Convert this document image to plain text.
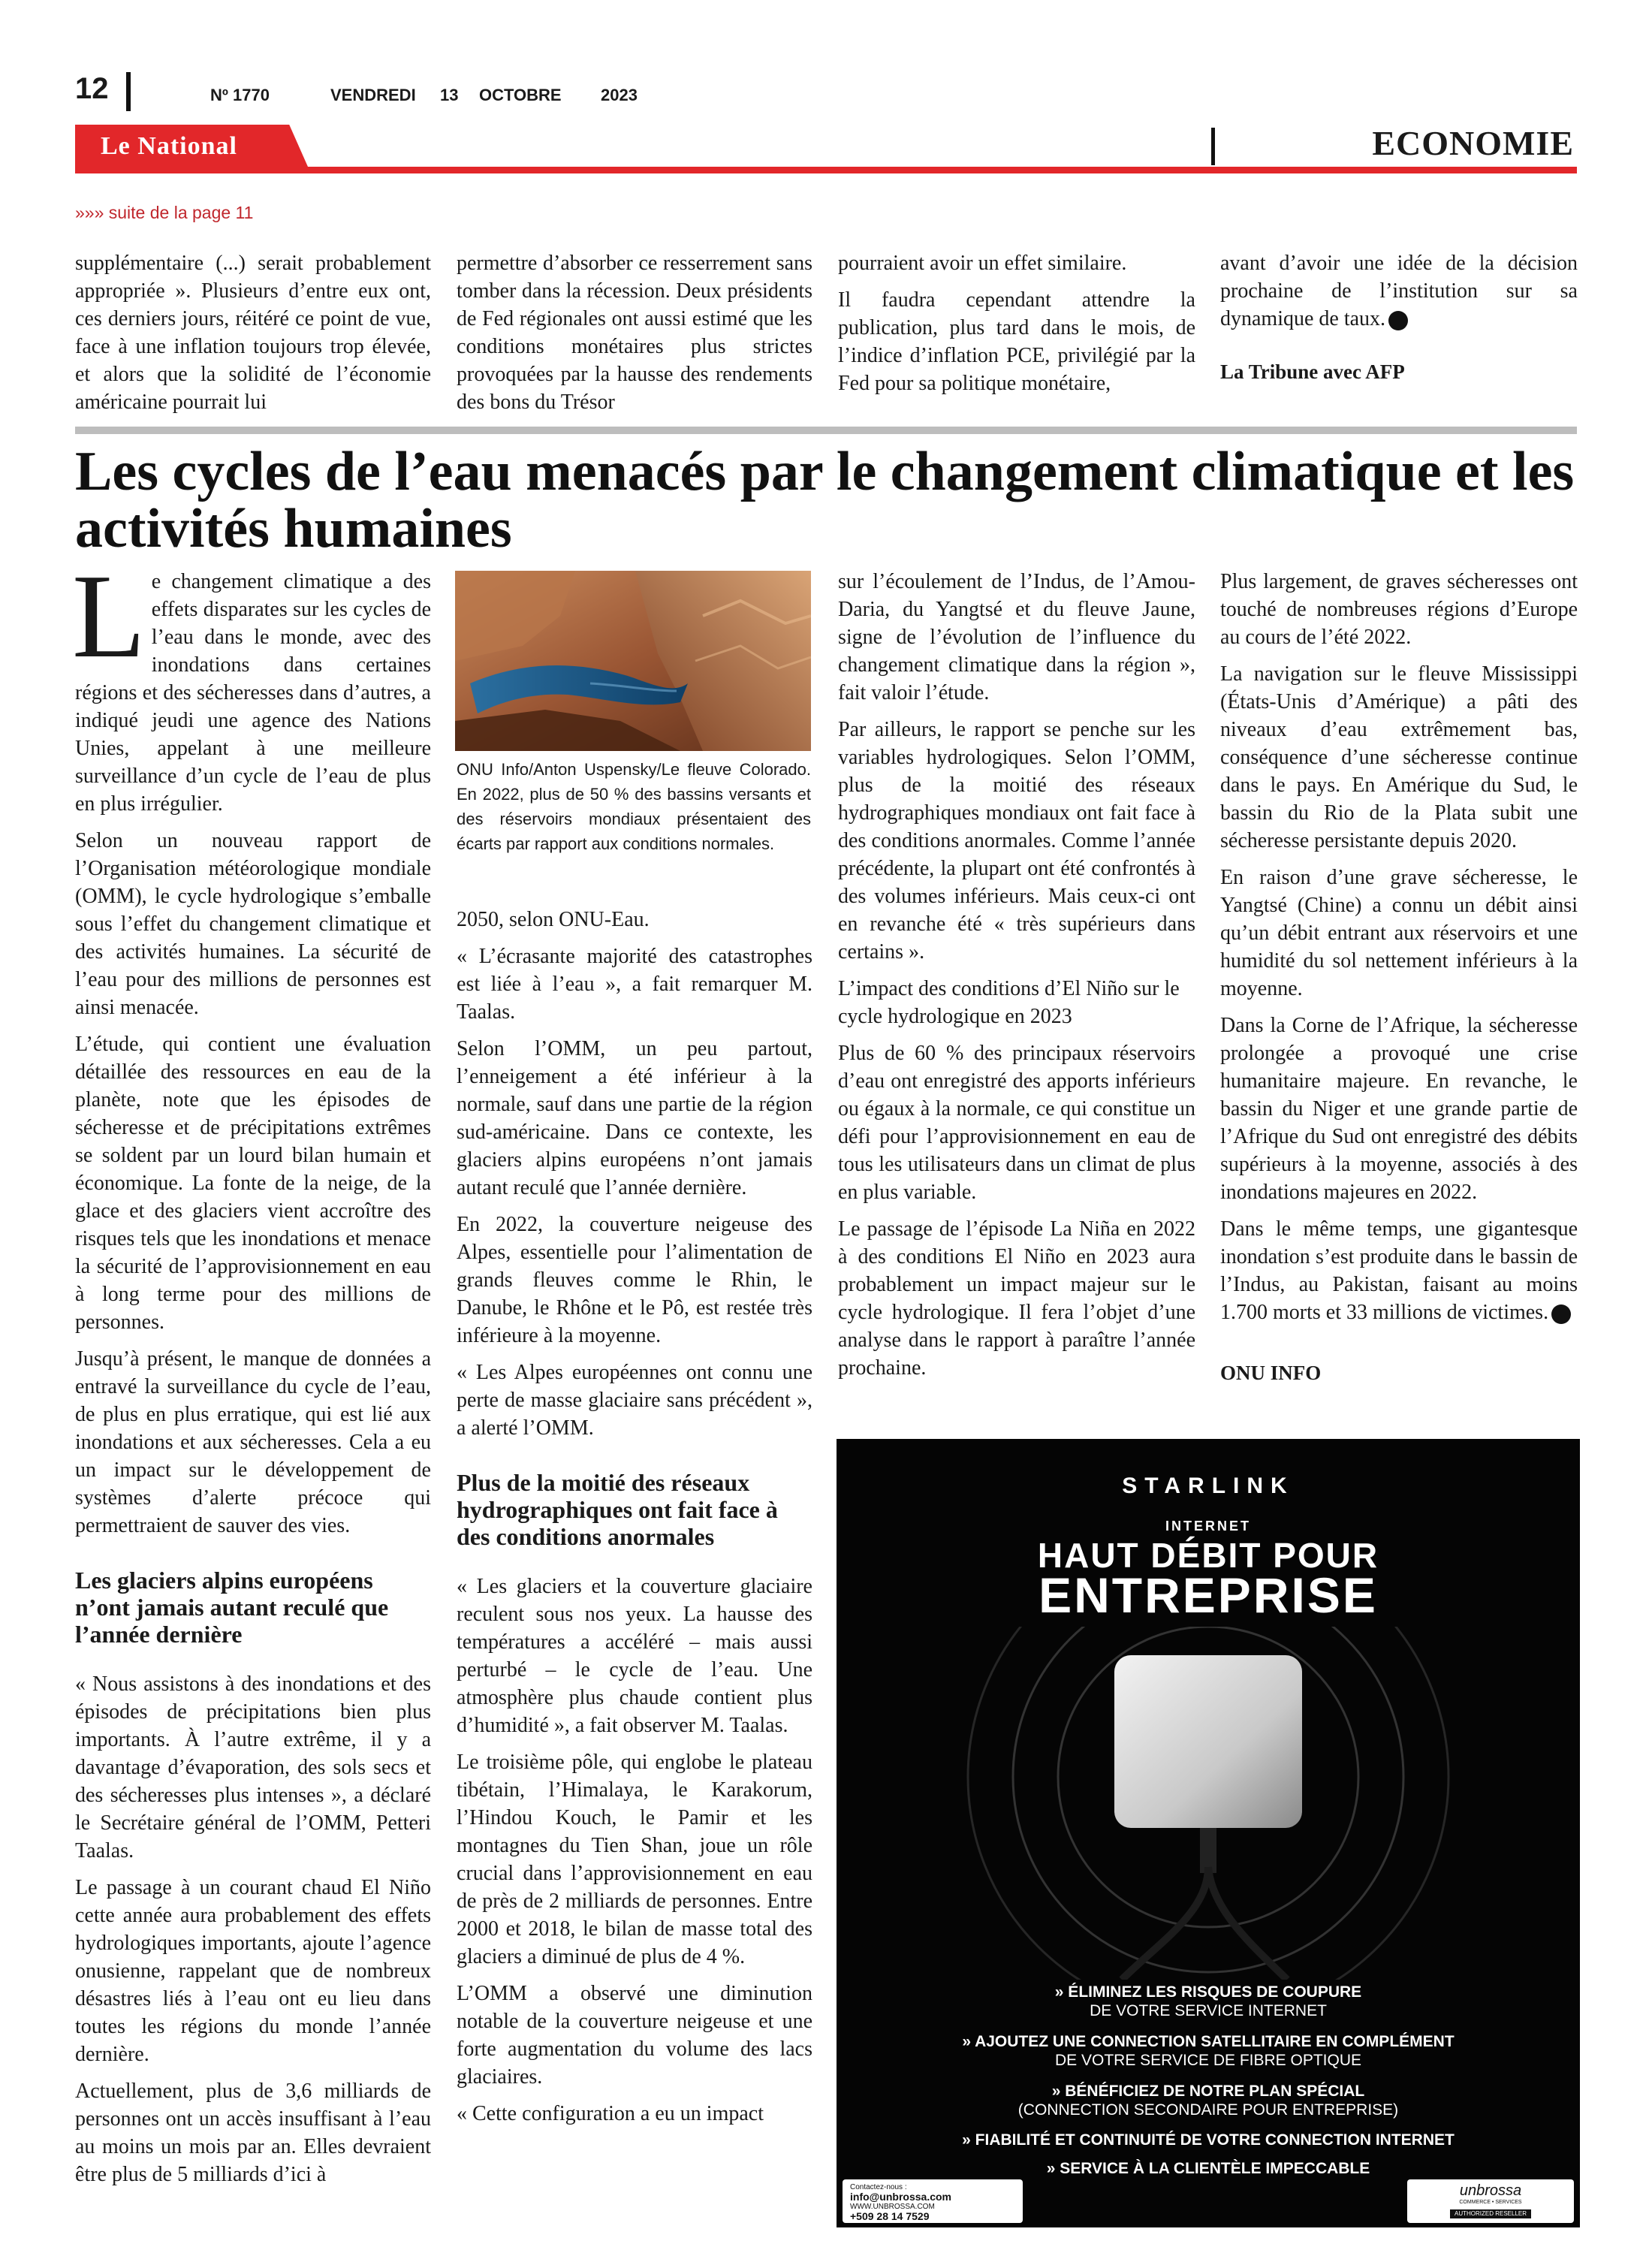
12	Nº 1770	VENDREDI 13 OCTOBRE 2023
Le National	ECONOMIE
»»» suite de la page 11

supplémentaire (...) serait probablement appropriée ». Plusieurs d’entre eux ont, ces derniers jours, réitéré ce point de vue, face à une inflation toujours trop élevée, et alors que la solidité de l’économie américaine pourrait lui

permettre d’absorber ce resserrement sans tomber dans la récession. Deux présidents de Fed régionales ont aussi estimé que les conditions monétaires plus strictes provoquées par la hausse des rendements des bons du Trésor

pourraient avoir un effet similaire.

Il faudra cependant attendre la publication, plus tard dans le mois, de l’indice d’inflation PCE, privilégié par la Fed pour sa politique monétaire,

avant d’avoir une idée de la décision prochaine de l’institution sur sa dynamique de taux.

La Tribune avec AFP
Les cycles de l’eau menacés par le changement climatique et les activités humaines

Le changement climatique a des effets disparates sur les cycles de l’eau dans le monde, avec des inondations dans certaines régions et des sécheresses dans d’autres, a indiqué jeudi une agence des Nations Unies, appelant à une meilleure surveillance d’un cycle de l’eau de plus en plus irrégulier.

Selon un nouveau rapport de l’Organisation météorologique mondiale (OMM), le cycle hydrologique s’emballe sous l’effet du changement climatique et des activités humaines. La sécurité de l’eau pour des millions de personnes est ainsi menacée.

L’étude, qui contient une évaluation détaillée des ressources en eau de la planète, note que les épisodes de sécheresse et de précipitations extrêmes se soldent par un lourd bilan humain et économique. La fonte de la neige, de la glace et des glaciers vient accroître des risques tels que les inondations et menace la sécurité de l’approvisionnement en eau à long terme pour des millions de personnes.

Jusqu’à présent, le manque de données a entravé la surveillance du cycle de l’eau, de plus en plus erratique, qui est lié aux inondations et aux sécheresses. Cela a eu un impact sur le développement de systèmes d’alerte précoce qui permettraient de sauver des vies.

Les glaciers alpins européens n’ont jamais autant reculé que l’année dernière

« Nous assistons à des inondations et des épisodes de précipitations bien plus importants. À l’autre extrême, il y a davantage d’évaporation, des sols secs et des sécheresses plus intenses », a déclaré le Secrétaire général de l’OMM, Petteri Taalas.

Le passage à un courant chaud El Niño cette année aura probablement des effets hydrologiques importants, ajoute l’agence onusienne, rappelant que de nombreux désastres liés à l’eau ont eu lieu dans toutes les régions du monde l’année dernière.

Actuellement, plus de 3,6 milliards de personnes ont un accès insuffisant à l’eau au moins un mois par an. Elles devraient être plus de 5 milliards d’ici à

ONU Info/Anton Uspensky/Le fleuve Colorado. En 2022, plus de 50 % des bassins versants et des réservoirs mondiaux présentaient des écarts par rapport aux conditions normales.

2050, selon ONU-Eau.

« L’écrasante majorité des catastrophes est liée à l’eau », a fait remarquer M. Taalas.

Selon l’OMM, un peu partout, l’enneigement a été inférieur à la normale, sauf dans une partie de la région sud-américaine. Dans ce contexte, les glaciers alpins européens n’ont jamais autant reculé que l’année dernière.

En 2022, la couverture neigeuse des Alpes, essentielle pour l’alimentation de grands fleuves comme le Rhin, le Danube, le Rhône et le Pô, est restée très inférieure à la moyenne.

« Les Alpes européennes ont connu une perte de masse glaciaire sans précédent », a alerté l’OMM.

Plus de la moitié des réseaux hydrographiques ont fait face à des conditions anormales

« Les glaciers et la couverture glaciaire reculent sous nos yeux. La hausse des températures a accéléré – mais aussi perturbé – le cycle de l’eau. Une atmosphère plus chaude contient plus d’humidité », a fait observer M. Taalas.

Le troisième pôle, qui englobe le plateau tibétain, l’Himalaya, le Karakorum, l’Hindou Kouch, le Pamir et les montagnes du Tien Shan, joue un rôle crucial dans l’approvisionnement en eau de près de 2 milliards de personnes. Entre 2000 et 2018, le bilan de masse total des glaciers a diminué de plus de 4 %.

L’OMM a observé une diminution notable de la couverture neigeuse et une forte augmentation du volume des lacs glaciaires.

« Cette configuration a eu un impact

sur l’écoulement de l’Indus, de l’Amou-Daria, du Yangtsé et du fleuve Jaune, signe de l’évolution de l’influence du changement climatique dans la région », fait valoir l’étude.

Par ailleurs, le rapport se penche sur les variables hydrologiques. Selon l’OMM, plus de la moitié des réseaux hydrographiques mondiaux ont fait face à des conditions anormales. Comme l’année précédente, la plupart ont été confrontés à des volumes inférieurs. Mais ceux-ci ont en revanche été « très supérieurs dans certains ».

L’impact des conditions d’El Niño sur le cycle hydrologique en 2023

Plus de 60 % des principaux réservoirs d’eau ont enregistré des apports inférieurs ou égaux à la normale, ce qui constitue un défi pour l’approvisionnement en eau de tous les utilisateurs dans un climat de plus en plus variable.

Le passage de l’épisode La Niña en 2022 à des conditions El Niño en 2023 aura probablement un impact majeur sur le cycle hydrologique. Il fera l’objet d’une analyse dans le rapport à paraître l’année prochaine.

Plus largement, de graves sécheresses ont touché de nombreuses régions d’Europe au cours de l’été 2022.

La navigation sur le fleuve Mississippi (États-Unis d’Amérique) a pâti des niveaux d’eau extrêmement bas, conséquence d’une sécheresse continue dans le pays. En Amérique du Sud, le bassin du Rio de la Plata subit une sécheresse persistante depuis 2020.

En raison d’une grave sécheresse, le Yangtsé (Chine) a connu un débit ainsi qu’un débit entrant aux réservoirs et une humidité du sol nettement inférieurs à la moyenne.

Dans la Corne de l’Afrique, la sécheresse prolongée a provoqué une crise humanitaire majeure. En revanche, le bassin du Niger et une grande partie de l’Afrique du Sud ont enregistré des débits supérieurs à la moyenne, associés à des inondations majeures en 2022.

Dans le même temps, une gigantesque inondation s’est produite dans le bassin de l’Indus, au Pakistan, faisant au moins 1.700 morts et 33 millions de victimes.

ONU INFO
STARLINK
INTERNET
HAUT DÉBIT POUR
ENTREPRISE
» ÉLIMINEZ LES RISQUES DE COUPURE
DE VOTRE SERVICE INTERNET
» AJOUTEZ UNE CONNECTION SATELLITAIRE EN COMPLÉMENT
DE VOTRE SERVICE DE FIBRE OPTIQUE
» BÉNÉFICIEZ DE NOTRE PLAN SPÉCIAL
(CONNECTION SECONDAIRE POUR ENTREPRISE)
» FIABILITÉ ET CONTINUITÉ DE VOTRE CONNECTION INTERNET
» SERVICE À LA CLIENTÈLE IMPECCABLE
Contactez-nous :
info@unbrossa.com
WWW.UNBROSSA.COM
+509 28 14 7529
unbrossa
COMMERCE • SERVICES
AUTHORIZED RESELLER
